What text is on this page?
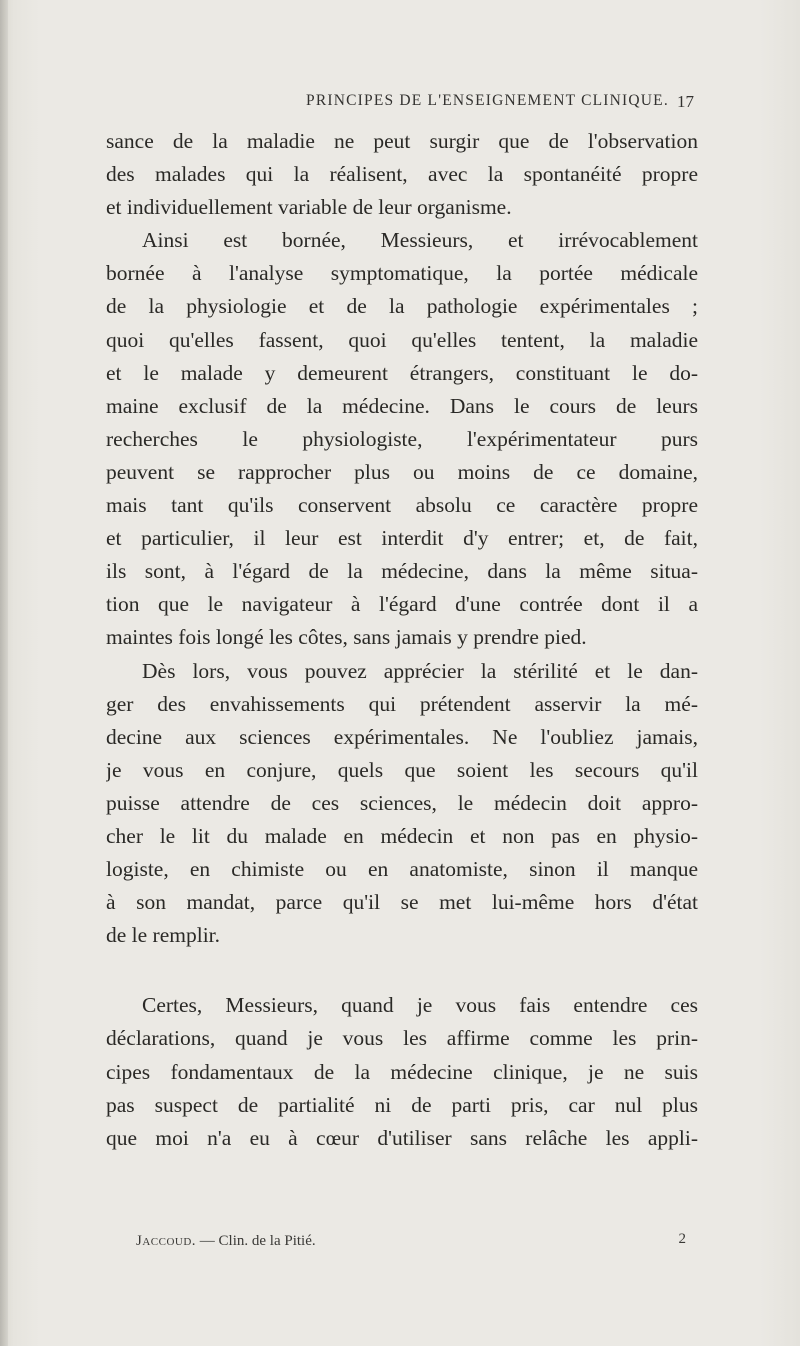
PRINCIPES DE L'ENSEIGNEMENT CLINIQUE. 17
sance de la maladie ne peut surgir que de l'observation
des malades qui la réalisent, avec la spontanéité propre
et individuellement variable de leur organisme.
Ainsi est bornée, Messieurs, et irrévocablement
bornée à l'analyse symptomatique, la portée médicale
de la physiologie et de la pathologie expérimentales ;
quoi qu'elles fassent, quoi qu'elles tentent, la maladie
et le malade y demeurent étrangers, constituant le do-
maine exclusif de la médecine. Dans le cours de leurs
recherches le physiologiste, l'expérimentateur purs
peuvent se rapprocher plus ou moins de ce domaine,
mais tant qu'ils conservent absolu ce caractère propre
et particulier, il leur est interdit d'y entrer; et, de fait,
ils sont, à l'égard de la médecine, dans la même situa-
tion que le navigateur à l'égard d'une contrée dont il a
maintes fois longé les côtes, sans jamais y prendre pied.
Dès lors, vous pouvez apprécier la stérilité et le dan-
ger des envahissements qui prétendent asservir la mé-
decine aux sciences expérimentales. Ne l'oubliez jamais,
je vous en conjure, quels que soient les secours qu'il
puisse attendre de ces sciences, le médecin doit appro-
cher le lit du malade en médecin et non pas en physio-
logiste, en chimiste ou en anatomiste, sinon il manque
à son mandat, parce qu'il se met lui-même hors d'état
de le remplir.
Certes, Messieurs, quand je vous fais entendre ces
déclarations, quand je vous les affirme comme les prin-
cipes fondamentaux de la médecine clinique, je ne suis
pas suspect de partialité ni de parti pris, car nul plus
que moi n'a eu à cœur d'utiliser sans relâche les appli-
Jaccoud. — Clin. de la Pitié.	2
